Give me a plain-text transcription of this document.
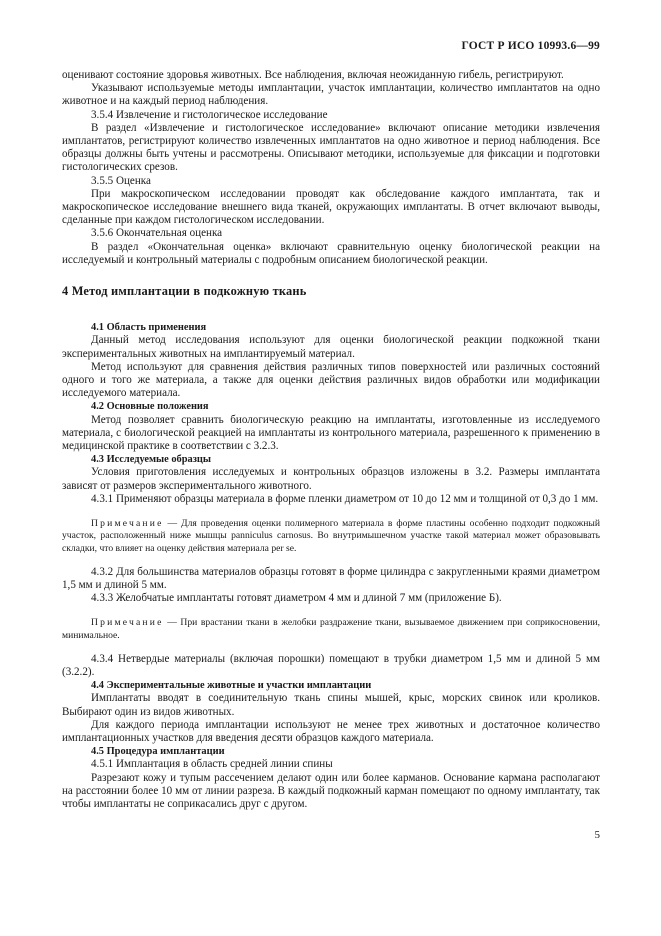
ГОСТ Р ИСО 10993.6—99

оценивают состояние здоровья животных. Все наблюдения, включая неожиданную гибель, регистрируют.

Указывают используемые методы имплантации, участок имплантации, количество имплантатов на одно животное и на каждый период наблюдения.

3.5.4 Извлечение и гистологическое исследование

В раздел «Извлечение и гистологическое исследование» включают описание методики извлечения имплантатов, регистрируют количество извлеченных имплантатов на одно животное и период наблюдения. Все образцы должны быть учтены и рассмотрены. Описывают методики, используемые для фиксации и подготовки гистологических срезов.

3.5.5 Оценка

При макроскопическом исследовании проводят как обследование каждого имплантата, так и макроскопическое исследование внешнего вида тканей, окружающих имплантаты. В отчет включают выводы, сделанные при каждом гистологическом исследовании.

3.5.6 Окончательная оценка

В раздел «Окончательная оценка» включают сравнительную оценку биологической реакции на исследуемый и контрольный материалы с подробным описанием биологической реакции.

4 Метод имплантации в подкожную ткань

4.1 Область применения

Данный метод исследования используют для оценки биологической реакции подкожной ткани экспериментальных животных на имплантируемый материал.

Метод используют для сравнения действия различных типов поверхностей или различных состояний одного и того же материала, а также для оценки действия различных видов обработки или модификации исследуемого материала.

4.2 Основные положения

Метод позволяет сравнить биологическую реакцию на имплантаты, изготовленные из исследуемого материала, с биологической реакцией на имплантаты из контрольного материала, разрешенного к применению в медицинской практике в соответствии с 3.2.3.

4.3 Исследуемые образцы

Условия приготовления исследуемых и контрольных образцов изложены в 3.2. Размеры имплантата зависят от размеров экспериментального животного.

4.3.1 Применяют образцы материала в форме пленки диаметром от 10 до 12 мм и толщиной от 0,3 до 1 мм.

Примечание — Для проведения оценки полимерного материала в форме пластины особенно подходит подкожный участок, расположенный ниже мышцы panniculus carnosus. Во внутримышечном участке такой материал может образовывать складки, что влияет на оценку действия материала per se.

4.3.2 Для большинства материалов образцы готовят в форме цилиндра с закругленными краями диаметром 1,5 мм и длиной 5 мм.

4.3.3 Желобчатые имплантаты готовят диаметром 4 мм и длиной 7 мм (приложение Б).

Примечание — При врастании ткани в желобки раздражение ткани, вызываемое движением при соприкосновении, минимальное.

4.3.4 Нетвердые материалы (включая порошки) помещают в трубки диаметром 1,5 мм и длиной 5 мм (3.2.2).

4.4 Экспериментальные животные и участки имплантации

Имплантаты вводят в соединительную ткань спины мышей, крыс, морских свинок или кроликов. Выбирают один из видов животных.

Для каждого периода имплантации используют не менее трех животных и достаточное количество имплантационных участков для введения десяти образцов каждого материала.

4.5 Процедура имплантации

4.5.1 Имплантация в область средней линии спины

Разрезают кожу и тупым рассечением делают один или более карманов. Основание кармана располагают на расстоянии более 10 мм от линии разреза. В каждый подкожный карман помещают по одному имплантату, так чтобы имплантаты не соприкасались друг с другом.

5
